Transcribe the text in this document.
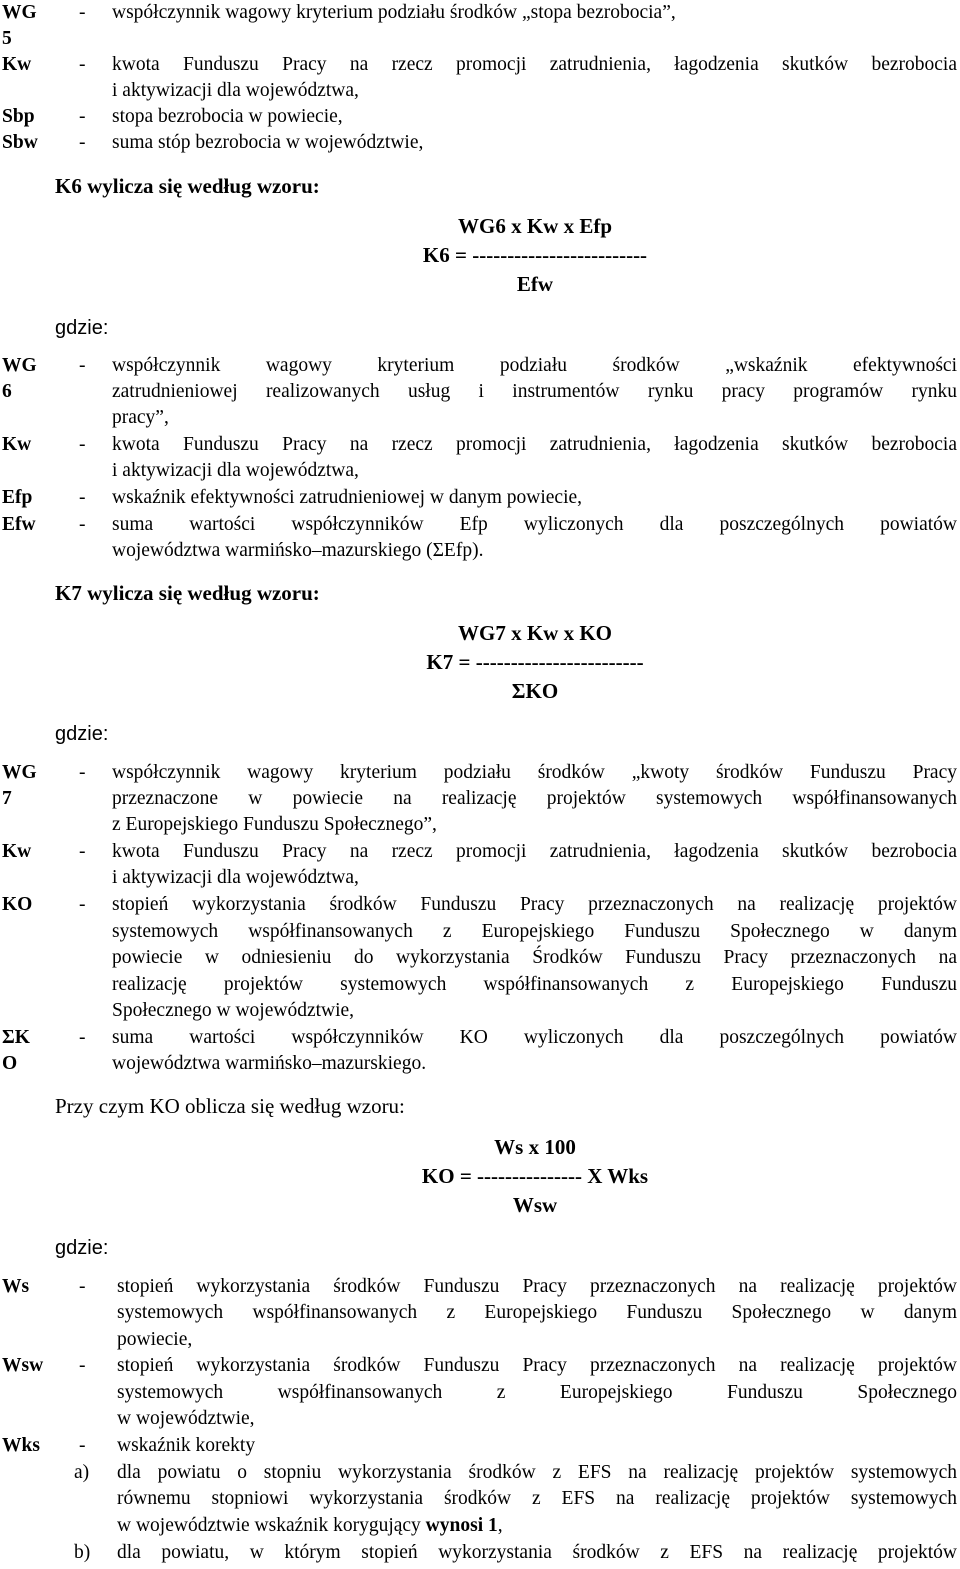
WG
5
- współczynnik wagowy kryterium podziału środków „stopa bezrobocia”,
Kw - kwota Funduszu Pracy na rzecz promocji zatrudnienia, łagodzenia skutków bezrobocia
i aktywizacji dla województwa,
Sbp - stopa bezrobocia w powiecie,
Sbw - suma stóp bezrobocia w województwie,
K6 wylicza się według wzoru:
WG6 x Kw x Efp
K6 = -------------------------
Efw
gdzie:
WG
6
- współczynnik wagowy kryterium podziału środków „wskaźnik efektywności
zatrudnieniowej realizowanych usług i instrumentów rynku pracy programów rynku
pracy”,
Kw - kwota Funduszu Pracy na rzecz promocji zatrudnienia, łagodzenia skutków bezrobocia
i aktywizacji dla województwa,
Efp - wskaźnik efektywności zatrudnieniowej w danym powiecie,
Efw - suma wartości współczynników Efp wyliczonych dla poszczególnych powiatów
województwa warmińsko–mazurskiego (ΣEfp).
K7 wylicza się według wzoru:
WG7 x Kw x KO
K7 = ------------------------
ΣKO
gdzie:
WG
7
- współczynnik wagowy kryterium podziału środków „kwoty środków Funduszu Pracy
przeznaczone w powiecie na realizację projektów systemowych współfinansowanych
z Europejskiego Funduszu Społecznego”,
Kw - kwota Funduszu Pracy na rzecz promocji zatrudnienia, łagodzenia skutków bezrobocia
i aktywizacji dla województwa,
KO - stopień wykorzystania środków Funduszu Pracy przeznaczonych na realizację projektów
systemowych współfinansowanych z Europejskiego Funduszu Społecznego w danym
powiecie w odniesieniu do wykorzystania Środków Funduszu Pracy przeznaczonych na
realizację projektów systemowych współfinansowanych z Europejskiego Funduszu
Społecznego w województwie,
ΣK
O
- suma wartości współczynników KO wyliczonych dla poszczególnych powiatów
województwa warmińsko–mazurskiego.
Przy czym KO oblicza się według wzoru:
Ws x 100
KO = --------------- X Wks
Wsw
gdzie:
Ws	- stopień wykorzystania środków Funduszu Pracy przeznaczonych na realizację projektów
systemowych współfinansowanych z Europejskiego Funduszu Społecznego w danym
powiecie,
Wsw - stopień wykorzystania środków Funduszu Pracy przeznaczonych na realizację projektów
systemowych współfinansowanych z Europejskiego Funduszu Społecznego
w województwie,
Wks - wskaźnik korekty
a) dla powiatu o stopniu wykorzystania środków z EFS na realizację projektów systemowych
równemu stopniowi wykorzystania środków z EFS na realizację projektów systemowych
w województwie wskaźnik korygujący wynosi 1,
b) dla powiatu, w którym stopień wykorzystania środków z EFS na realizację projektów
